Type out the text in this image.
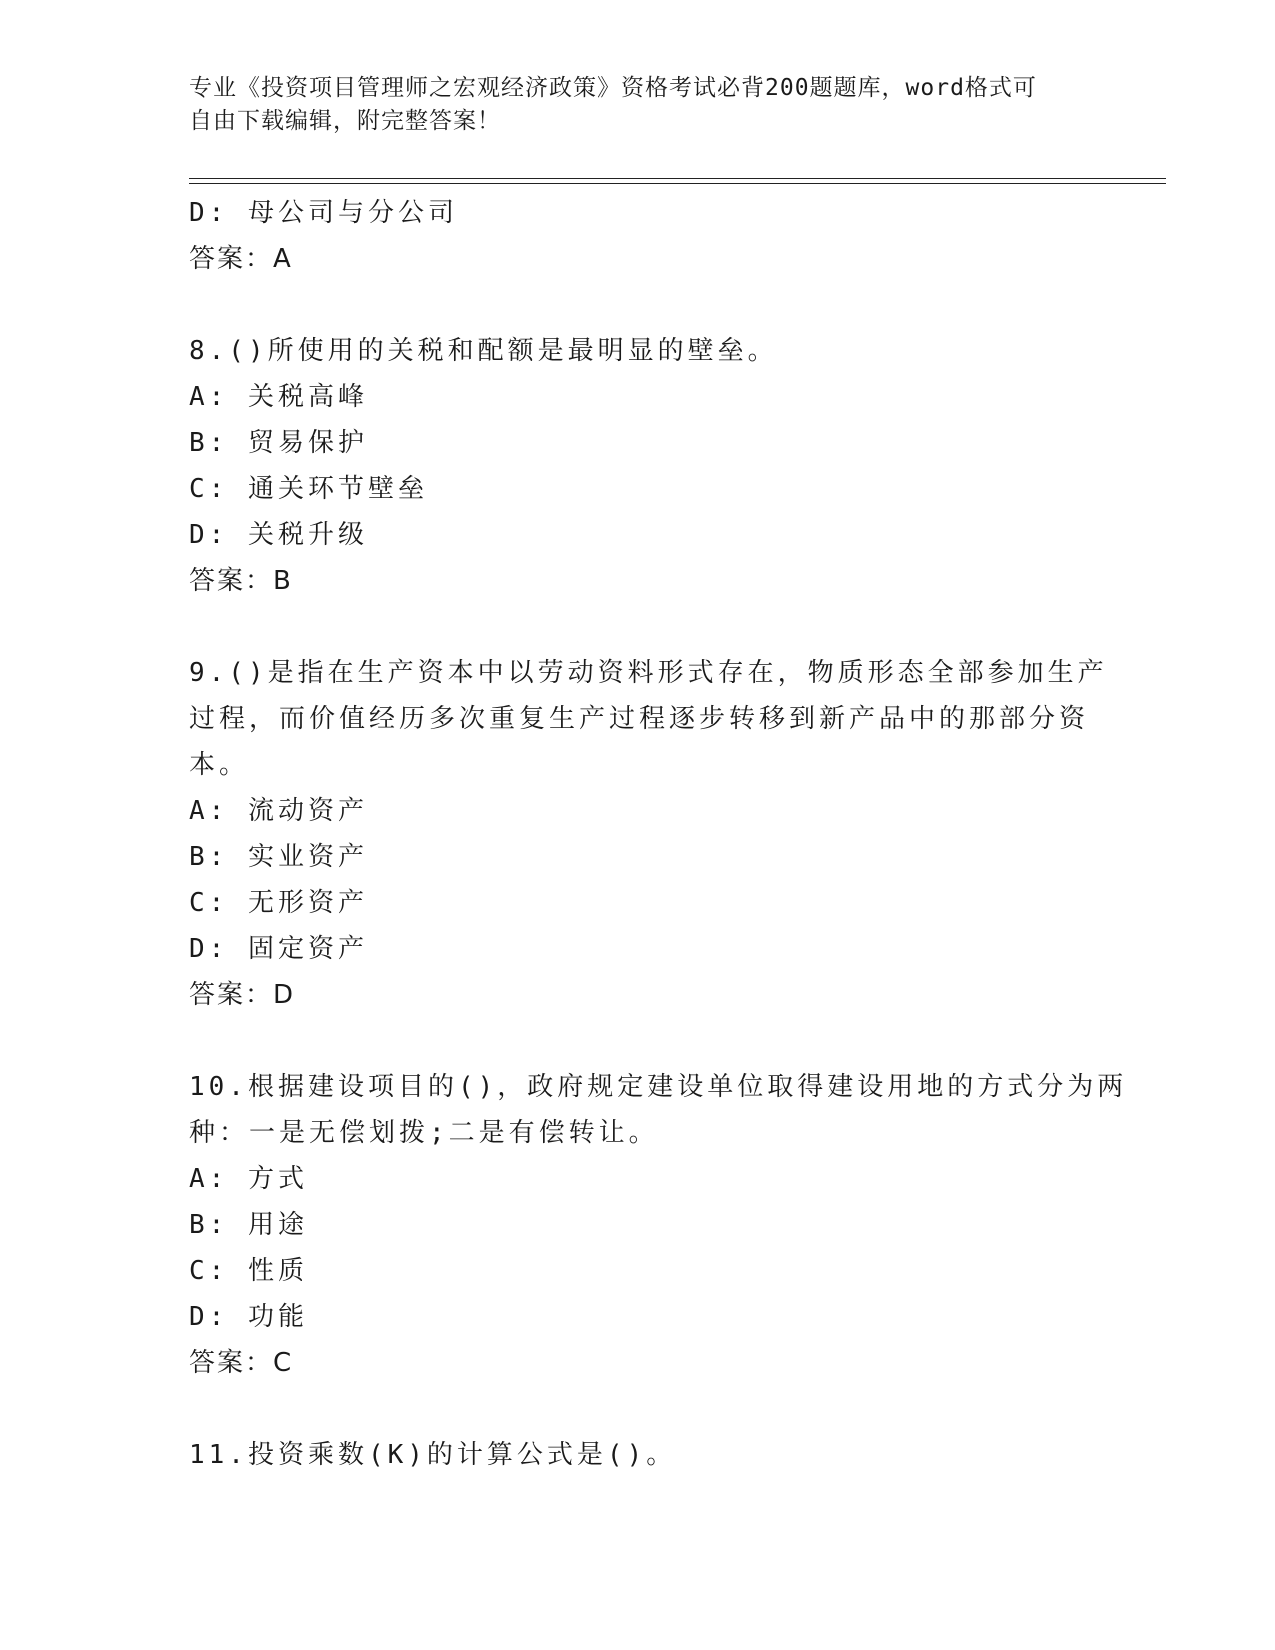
专业《投资项目管理师之宏观经济政策》资格考试必背200题题库，word格式可
自由下载编辑，附完整答案！
D: 母公司与分公司
答案：A
8.()所使用的关税和配额是最明显的壁垒。
A: 关税高峰
B: 贸易保护
C: 通关环节壁垒
D: 关税升级
答案：B
9.()是指在生产资本中以劳动资料形式存在，物质形态全部参加生产
过程，而价值经历多次重复生产过程逐步转移到新产品中的那部分资
本。
A: 流动资产
B: 实业资产
C: 无形资产
D: 固定资产
答案：D
10.根据建设项目的()，政府规定建设单位取得建设用地的方式分为两
种：一是无偿划拨;二是有偿转让。
A: 方式
B: 用途
C: 性质
D: 功能
答案：C
11.投资乘数(K)的计算公式是()。
